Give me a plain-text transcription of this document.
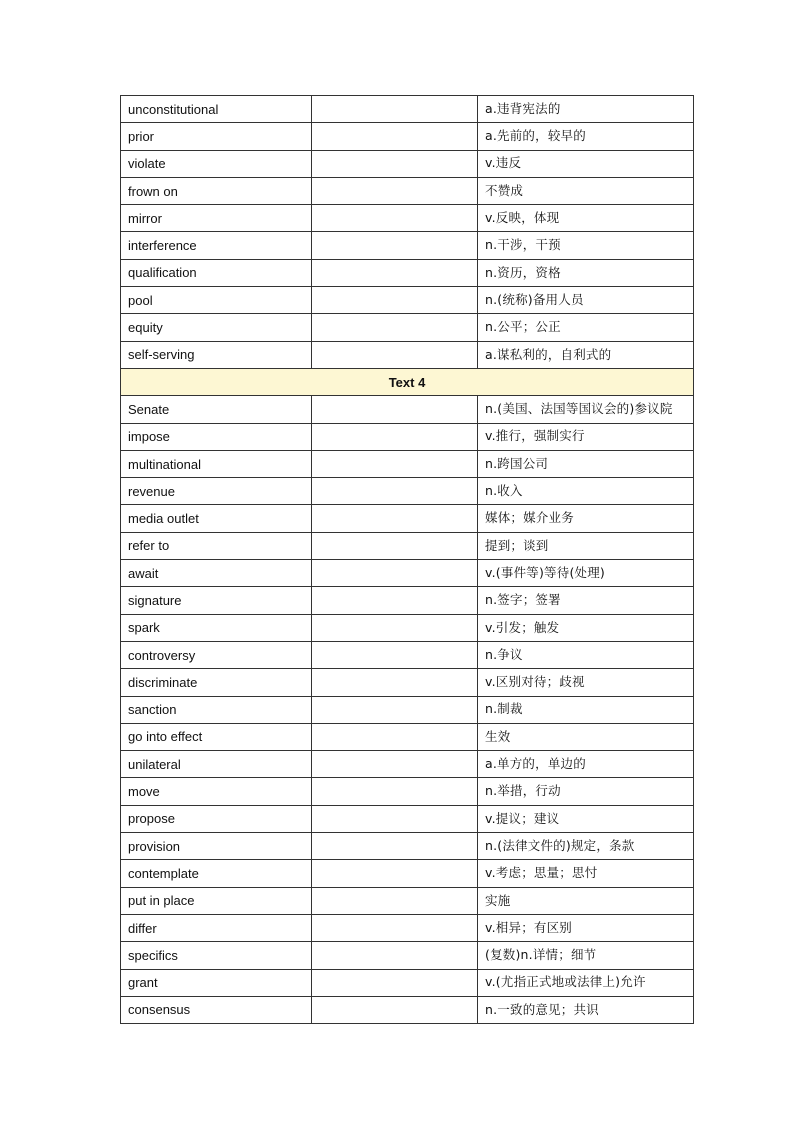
unconstitutional		a.违背宪法的
prior		a.先前的，较早的
violate		v.违反
frown on		不赞成
mirror		v.反映，体现
interference		n.干涉，干预
qualification		n.资历，资格
pool		n.(统称)备用人员
equity		n.公平；公正
self-serving		a.谋私利的，自利式的
Text 4		
Senate		n.(美国、法国等国议会的)参议院
impose		v.推行，强制实行
multinational		n.跨国公司
revenue		n.收入
media outlet		媒体；媒介业务
refer to		提到；谈到
await		v.(事件等)等待(处理)
signature		n.签字；签署
spark		v.引发；触发
controversy		n.争议
discriminate		v.区别对待；歧视
sanction		n.制裁
go into effect		生效
unilateral		a.单方的，单边的
move		n.举措，行动
propose		v.提议；建议
provision		n.(法律文件的)规定，条款
contemplate		v.考虑；思量；思忖
put in place		实施
differ		v.相异；有区别
specifics		(复数)n.详情；细节
grant		v.(尤指正式地或法律上)允许
consensus		n.一致的意见；共识
